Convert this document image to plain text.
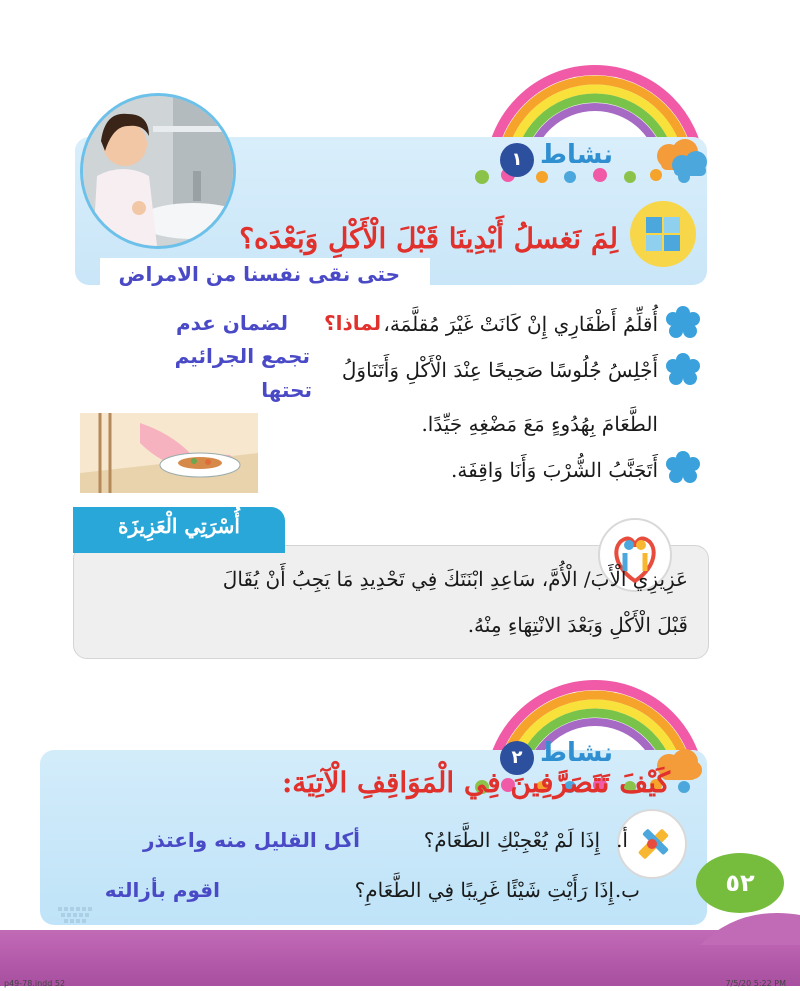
نشاط
١
لِمَ نَغسلُ أَيْدِينَا قَبْلَ الْأَكْلِ وَبَعْدَه؟
حتى نقى نفسنا من الامراض
أُقلِّمُ أَظْفَارِي إِنْ كَانَتْ غَيْرَ مُقلَّمَة،
لماذا؟
لضمان عدم
أَجْلِسُ جُلُوسًا صَحِيحًا عِنْدَ الْأَكْلِ وَأَتَنَاوَلُ
تجمع الجرائيم
تحتها
الطَّعَامَ بِهُدُوءٍ مَعَ مَضْغِهِ جَيِّدًا.
أَتَجَنَّبُ الشُّرْبَ وَأَنَا وَاقِفَة.
أُسْرَتِي الْعَزِيزَة
عَزِيزِي الْأَبَ/ الْأُمَّ، سَاعِدِ ابْنَتَكَ فِي تَحْدِيدِ مَا يَجِبُ أَنْ يُقَالَ
قَبْلَ الْأَكْلِ وَبَعْدَ الانْتِهَاءِ مِنْهُ.
نشاط
٢
كَيْفَ تَتَصَرَّفِينَ فِي الْمَوَاقِفِ الْآتِيَة:
أ.
إِذَا لَمْ يُعْجِبْكِ الطَّعَامُ؟
أكل القليل منه واعتذر
ب.
إِذَا رَأَيْتِ شَيْئًا غَرِيبًا فِي الطَّعَامِ؟
اقوم بأزالته	٥٢
p49-78.indd 52	7/5/20 5:22 PM
